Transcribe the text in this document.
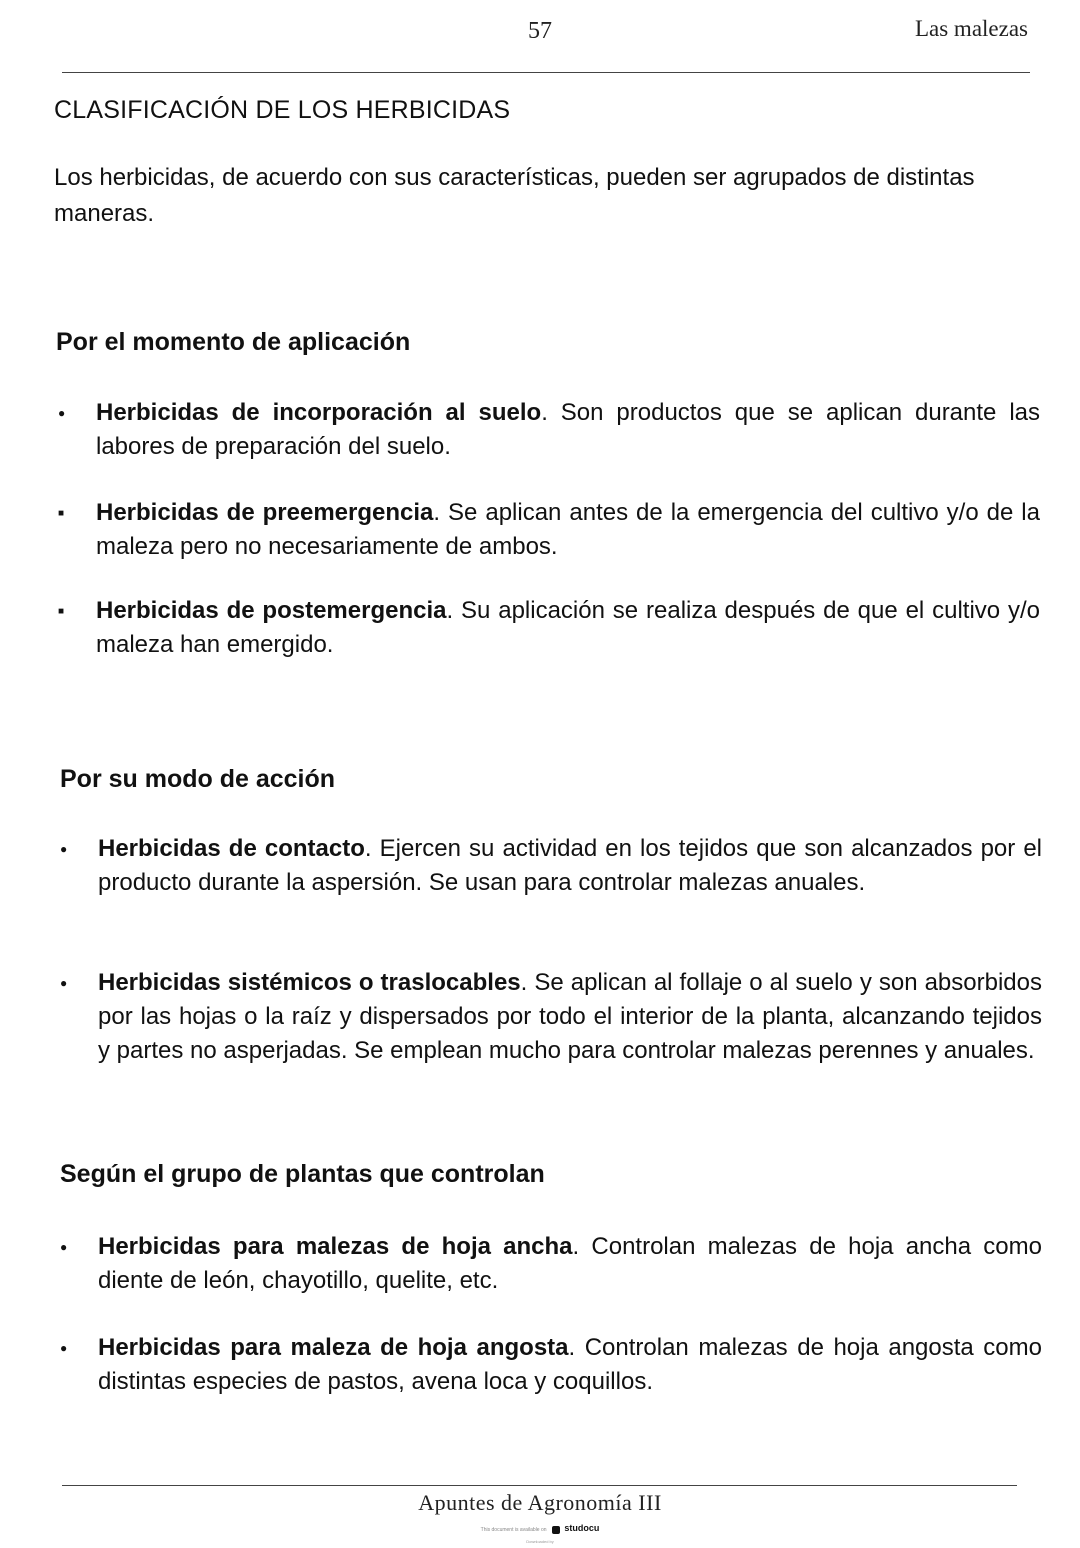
57	Las malezas
CLASIFICACIÓN DE LOS HERBICIDAS

Los herbicidas, de acuerdo con sus características, pueden ser agrupados de distintas maneras.

Por el momento de aplicación
●
Herbicidas de incorporación al suelo. Son productos que se aplican durante las labores de preparación del suelo.
■
Herbicidas de preemergencia. Se aplican antes de la emergencia del cultivo y/o de la maleza pero no necesariamente de ambos.
■
Herbicidas de postemergencia. Su aplicación se realiza después de que el cultivo y/o maleza han emergido.
Por su modo de acción
●
Herbicidas de contacto. Ejercen su actividad en los tejidos que son alcanzados por el producto durante la aspersión. Se usan para controlar malezas anuales.
●
Herbicidas sistémicos o traslocables. Se aplican al follaje o al suelo y son absorbidos por las hojas o la raíz y dispersados por todo el interior de la planta, alcanzando tejidos y partes no asperjadas. Se emplean mucho para controlar malezas perennes y anuales.
Según el grupo de plantas que controlan
●
Herbicidas para malezas de hoja ancha. Controlan malezas de hoja ancha como diente de león, chayotillo, quelite, etc.
●
Herbicidas para maleza de hoja angosta. Controlan malezas de hoja angosta como distintas especies de pastos, avena loca y coquillos.
Apuntes de Agronomía III
This document is available on studocu
Downloaded by
